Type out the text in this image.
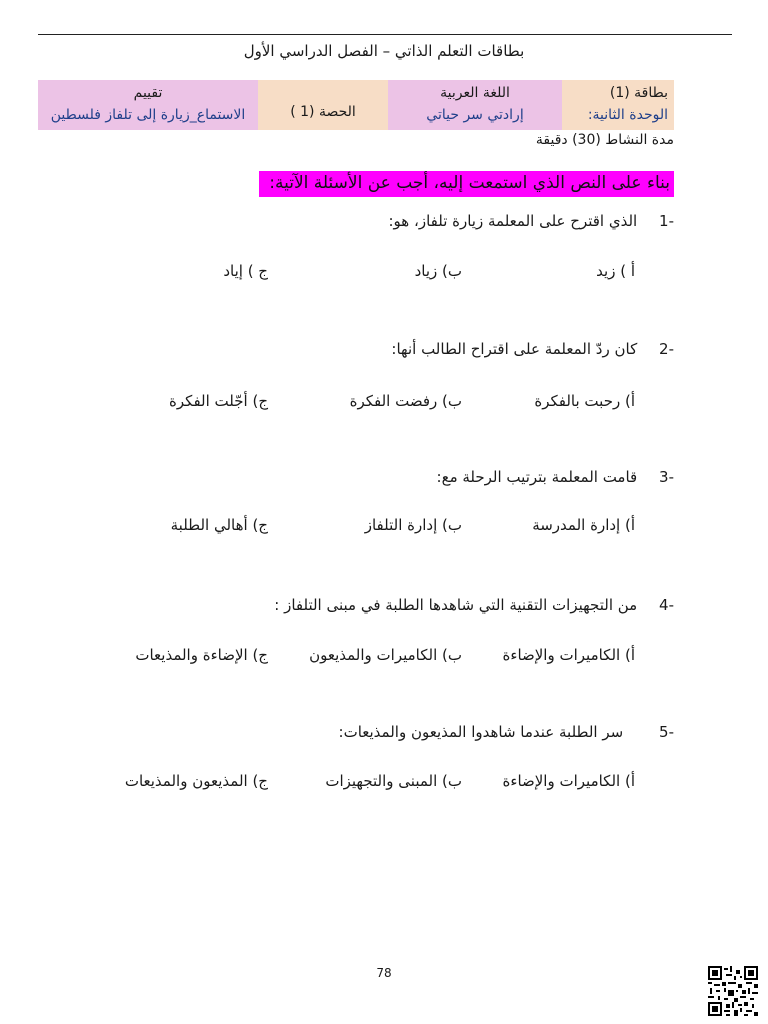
بطاقات التعلم الذاتي – الفصل الدراسي الأول
بطاقة (1)
الوحدة الثانية:
اللغة العربية
إرادتي سر حياتي
الحصة (1 )
تقييم
الاستماع_زيارة إلى تلفاز فلسطين
مدة النشاط (30) دقيقة
بناء على النص الذي استمعت إليه، أجب عن الأسئلة الآتية:
-1 الذي اقترح على المعلمة زيارة تلفاز، هو:
أ ) زيد
ب) زياد
ج ) إياد
-2 كان ردّ المعلمة على اقتراح الطالب أنها:
أ) رحبت بالفكرة
ب) رفضت الفكرة
ج) أجّلت الفكرة
-3 قامت المعلمة بترتيب الرحلة مع:
أ) إدارة المدرسة
ب) إدارة التلفاز
ج) أهالي الطلبة
-4 من التجهيزات التقنية التي شاهدها الطلبة في مبنى التلفاز :
أ) الكاميرات والإضاءة
ب) الكاميرات والمذيعون
ج) الإضاءة والمذيعات
-5 سر الطلبة عندما شاهدوا المذيعون والمذيعات:
أ) الكاميرات والإضاءة
ب) المبنى والتجهيزات
ج) المذيعون والمذيعات
78
